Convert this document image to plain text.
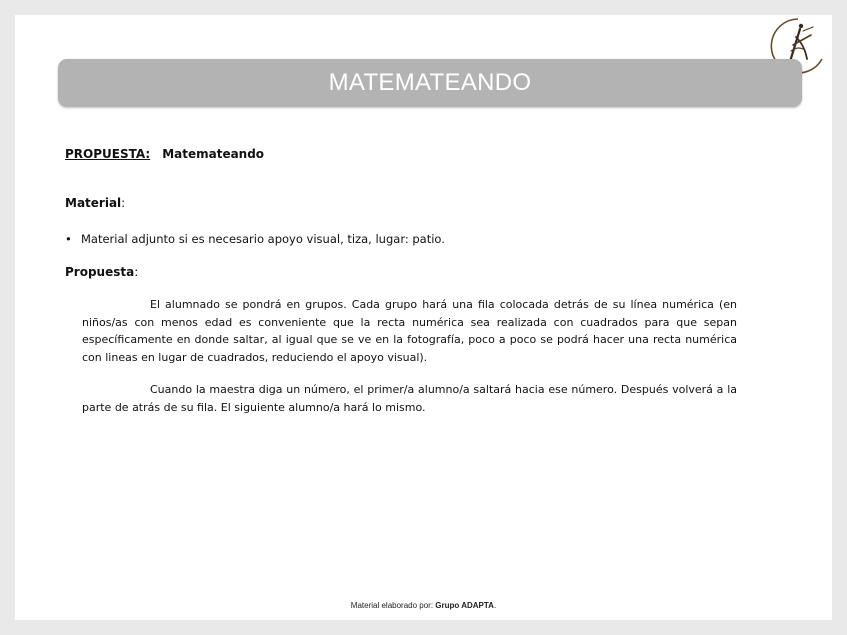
MATEMATEANDO
PROPUESTA: Matemateando
Material:
• Material adjunto si es necesario apoyo visual, tiza, lugar: patio.
Propuesta:

El alumnado se pondrá en grupos. Cada grupo hará una fila colocada detrás de su línea numérica (en niños/as con menos edad es conveniente que la recta numérica sea realizada con cuadrados para que sepan específicamente en donde saltar, al igual que se ve en la fotografía, poco a poco se podrá hacer una recta numérica con lineas en lugar de cuadrados, reduciendo el apoyo visual).

Cuando la maestra diga un número, el primer/a alumno/a saltará hacia ese número. Después volverá a la parte de atrás de su fila. El siguiente alumno/a hará lo mismo.

Material elaborado por: Grupo ADAPTA.
